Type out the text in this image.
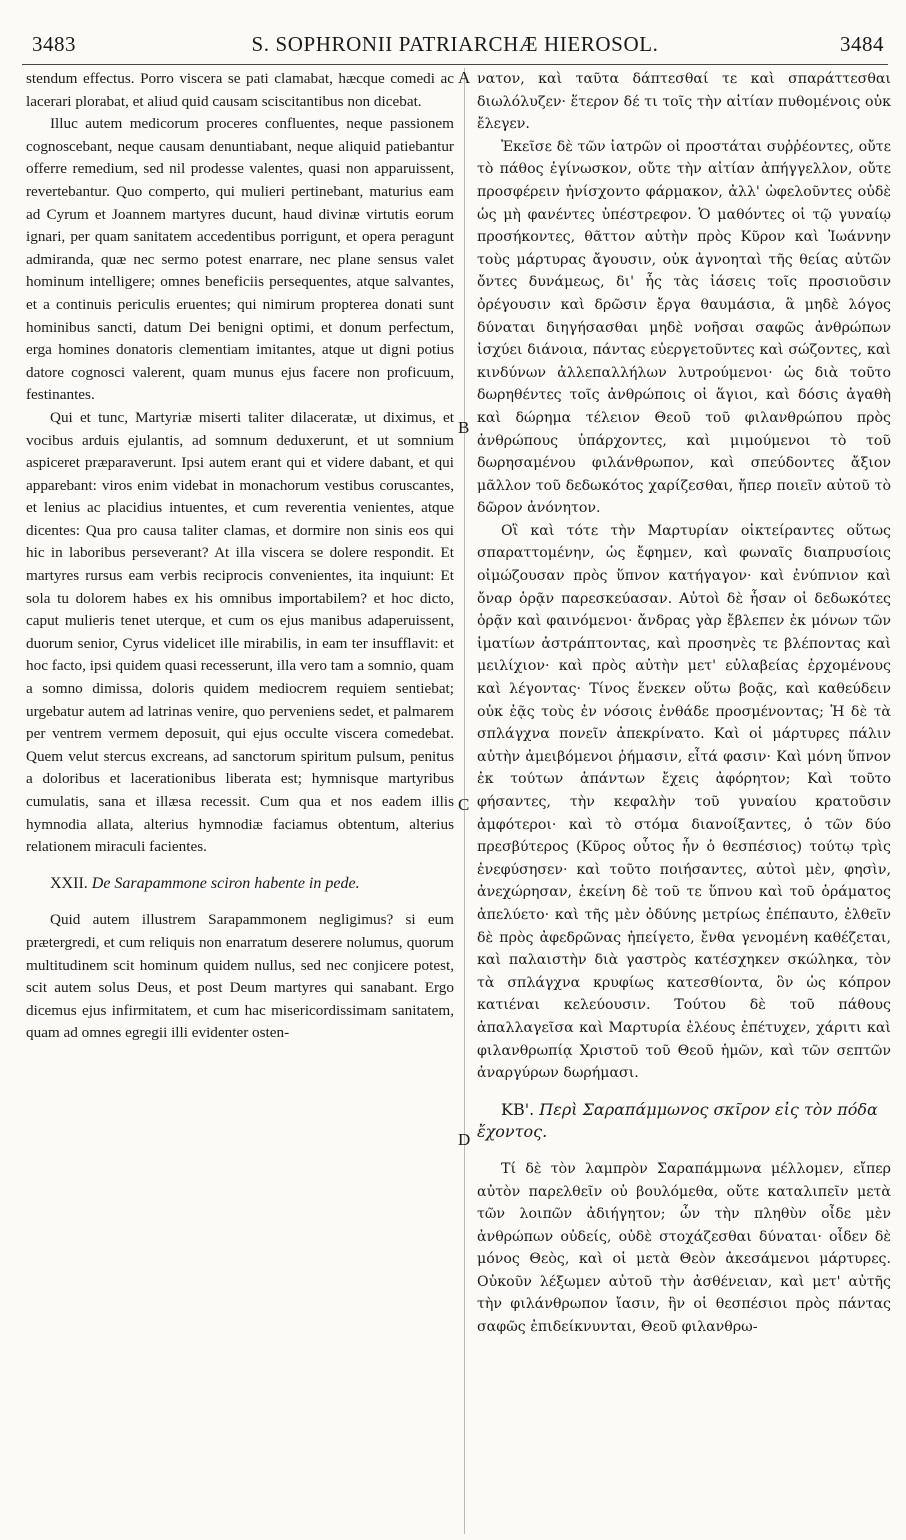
3483	S. SOPHRONII PATRIARCHÆ HIEROSOL.	3484

stendum effectus. Porro viscera se pati clamabat, hæcque comedi ac lacerari plorabat, et aliud quid causam sciscitantibus non dicebat.

Illuc autem medicorum proceres confluentes, neque passionem cognoscebant, neque causam denuntiabant, neque aliquid patiebantur offerre remedium, sed nil prodesse valentes, quasi non apparuissent, revertebantur. Quo comperto, qui mulieri pertinebant, maturius eam ad Cyrum et Joannem martyres ducunt, haud divinæ virtutis eorum ignari, per quam sanitatem accedentibus porrigunt, et opera peragunt admiranda, quæ nec sermo potest enarrare, nec plane sensus valet hominum intelligere; omnes beneficiis persequentes, atque salvantes, et a continuis periculis eruentes; qui nimirum propterea donati sunt hominibus sancti, datum Dei benigni optimi, et donum perfectum, erga homines donatoris clementiam imitantes, atque ut digni potius datore cognosci valerent, quam munus ejus facere non proficuum, festinantes.

Qui et tunc, Martyriæ miserti taliter dilaceratæ, ut diximus, et vocibus arduis ejulantis, ad somnum deduxerunt, et ut somnium aspiceret præparaverunt. Ipsi autem erant qui et videre dabant, et qui apparebant: viros enim videbat in monachorum vestibus coruscantes, et lenius ac placidius intuentes, et cum reverentia venientes, atque dicentes: Qua pro causa taliter clamas, et dormire non sinis eos qui hic in laboribus perseverant? At illa viscera se dolere respondit. Et martyres rursus eam verbis reciprocis convenientes, ita inquiunt: Et sola tu dolorem habes ex his omnibus importabilem? et hoc dicto, caput mulieris tenet uterque, et cum os ejus manibus adaperuissent, duorum senior, Cyrus videlicet ille mirabilis, in eam ter insufflavit: et hoc facto, ipsi quidem quasi recesserunt, illa vero tam a somnio, quam a somno dimissa, doloris quidem mediocrem requiem sentiebat; urgebatur autem ad latrinas venire, quo perveniens sedet, et palmarem per ventrem vermem deposuit, qui ejus occulte viscera comedebat. Quem velut stercus excreans, ad sanctorum spiritum pulsum, penitus a doloribus et lacerationibus liberata est; hymnisque martyribus cumulatis, sana et illæsa recessit. Cum qua et nos eadem illis hymnodia allata, alterius hymnodiæ faciamus obtentum, alterius relationem miraculi facientes.

XXII. De Sarapammone sciron habente in pede.

Quid autem illustrem Sarapammonem negligimus? si eum prætergredi, et cum reliquis non enarratum deserere nolumus, quorum multitudinem scit hominum quidem nullus, sed nec conjicere potest, scit autem solus Deus, et post Deum martyres qui sanabant. Ergo dicemus ejus infirmitatem, et cum hac misericordissimam sanitatem, quam ad omnes egregii illi evidenter osten-

A
B
C
D

νατον, καὶ ταῦτα δάπτεσθαί τε καὶ σπαράττεσθαι διωλόλυζεν· ἕτερον δέ τι τοῖς τὴν αἰτίαν πυθομένοις οὐκ ἔλεγεν.

Ἐκεῖσε δὲ τῶν ἰατρῶν οἱ προστάται συῤῥέοντες, οὔτε τὸ πάθος ἐγίνωσκον, οὔτε τὴν αἰτίαν ἀπήγγελλον, οὔτε προσφέρειν ἠνίσχοντο φάρμακον, ἀλλ' ὠφελοῦντες οὐδὲ ὡς μὴ φανέντες ὑπέστρεφον. Ὁ μαθόντες οἱ τῷ γυναίῳ προσήκοντες, θᾶττον αὐτὴν πρὸς Κῦρον καὶ Ἰωάννην τοὺς μάρτυρας ἄγουσιν, οὐκ ἀγνοηταὶ τῆς θείας αὐτῶν ὄντες δυνάμεως, δι' ἧς τὰς ἰάσεις τοῖς προσιοῦσιν ὀρέγουσιν καὶ δρῶσιν ἔργα θαυμάσια, ἃ μηδὲ λόγος δύναται διηγήσασθαι μηδὲ νοῆσαι σαφῶς ἀνθρώπων ἰσχύει διάνοια, πάντας εὐεργετοῦντες καὶ σώζοντες, καὶ κινδύνων ἀλλεπαλλήλων λυτρούμενοι· ὡς διὰ τοῦτο δωρηθέντες τοῖς ἀνθρώποις οἱ ἅγιοι, καὶ δόσις ἀγαθὴ καὶ δώρημα τέλειον Θεοῦ τοῦ φιλανθρώπου πρὸς ἀνθρώπους ὑπάρχοντες, καὶ μιμούμενοι τὸ τοῦ δωρησαμένου φιλάνθρωπον, καὶ σπεύδοντες ἄξιον μᾶλλον τοῦ δεδωκότος χαρίζεσθαι, ἤπερ ποιεῖν αὐτοῦ τὸ δῶρον ἀνόνητον.

Οἳ καὶ τότε τὴν Μαρτυρίαν οἰκτείραντες οὕτως σπαραττομένην, ὡς ἔφημεν, καὶ φωναῖς διαπρυσίοις οἰμώζουσαν πρὸς ὕπνον κατήγαγον· καὶ ἐνύπνιον καὶ ὄναρ ὁρᾷν παρεσκεύασαν. Αὐτοὶ δὲ ἦσαν οἱ δεδωκότες ὁρᾷν καὶ φαινόμενοι· ἄνδρας γὰρ ἔβλεπεν ἐκ μόνων τῶν ἱματίων ἀστράπτοντας, καὶ προσηνὲς τε βλέποντας καὶ μειλίχιον· καὶ πρὸς αὐτὴν μετ' εὐλαβείας ἐρχομένους καὶ λέγοντας· Τίνος ἕνεκεν οὕτω βοᾷς, καὶ καθεύδειν οὐκ ἐᾷς τοὺς ἐν νόσοις ἐνθάδε προσμένοντας; Ἡ δὲ τὰ σπλάγχνα πονεῖν ἀπεκρίνατο. Καὶ οἱ μάρτυρες πάλιν αὐτὴν ἀμειβόμενοι ῥήμασιν, εἶτά φασιν· Καὶ μόνη ὕπνον ἐκ τούτων ἁπάντων ἔχεις ἀφόρητον; Καὶ τοῦτο φήσαντες, τὴν κεφαλὴν τοῦ γυναίου κρατοῦσιν ἀμφότεροι· καὶ τὸ στόμα διανοίξαντες, ὁ τῶν δύο πρεσβύτερος (Κῦρος οὗτος ἦν ὁ θεσπέσιος) τούτῳ τρὶς ἐνεφύσησεν· καὶ τοῦτο ποιήσαντες, αὐτοὶ μὲν, φησὶν, ἀνεχώρησαν, ἐκείνη δὲ τοῦ τε ὕπνου καὶ τοῦ ὁράματος ἀπελύετο· καὶ τῆς μὲν ὀδύνης μετρίως ἐπέπαυτο, ἐλθεῖν δὲ πρὸς ἀφεδρῶνας ἠπείγετο, ἔνθα γενομένη καθέζεται, καὶ παλαιστὴν διὰ γαστρὸς κατέσχηκεν σκώληκα, τὸν τὰ σπλάγχνα κρυφίως κατεσθίοντα, ὃν ὡς κόπρον κατιέναι κελεύουσιν. Τούτου δὲ τοῦ πάθους ἀπαλλαγεῖσα καὶ Μαρτυρία ἐλέους ἐπέτυχεν, χάριτι καὶ φιλανθρωπίᾳ Χριστοῦ τοῦ Θεοῦ ἡμῶν, καὶ τῶν σεπτῶν ἀναργύρων δωρήμασι.

ΚΒ'. Περὶ Σαραπάμμωνος σκῖρον εἰς τὸν πόδα ἔχοντος.

Τί δὲ τὸν λαμπρὸν Σαραπάμμωνα μέλλομεν, εἴπερ αὐτὸν παρελθεῖν οὐ βουλόμεθα, οὔτε καταλιπεῖν μετὰ τῶν λοιπῶν ἀδιήγητον; ὧν τὴν πληθὺν οἶδε μὲν ἀνθρώπων οὐδείς, οὐδὲ στοχάζεσθαι δύναται· οἶδεν δὲ μόνος Θεὸς, καὶ οἱ μετὰ Θεὸν ἀκεσάμενοι μάρτυρες. Οὐκοῦν λέξωμεν αὐτοῦ τὴν ἀσθένειαν, καὶ μετ' αὐτῆς τὴν φιλάνθρωπον ἴασιν, ἣν οἱ θεσπέσιοι πρὸς πάντας σαφῶς ἐπιδείκνυνται, Θεοῦ φιλανθρω-
